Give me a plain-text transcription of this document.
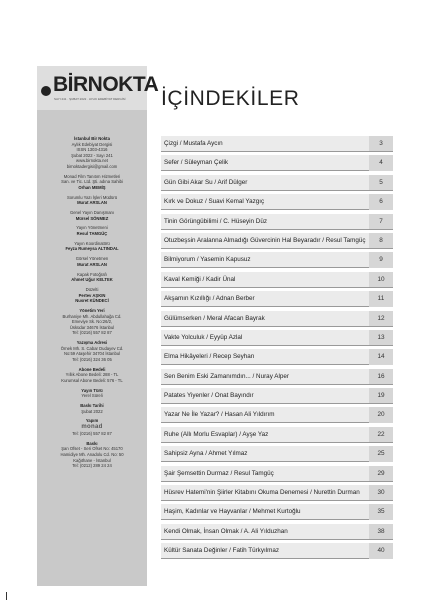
BİRNOKTA
SAYI 241 · ŞUBAT 2022 · AYLIK EDEBİYAT DERGİSİ
İstanbul Bir Nokta
Aylık Edebiyat Dergisi
ISSN 1303-4316
Şubat 2022 - Sayı 241
www.birnokta.net
birnoktadergisi@gmail.com
Monad Film Tanıtım Hizmetleri
San. ve Tic. Ltd. Şti. adına Sahibi
Orhan MEMİŞ
Sorumlu Yazı İşleri Müdürü
Murat ARSLAN
Genel Yayın Danışmanı
Mürsel SÖNMEZ
Yayın Yönetmeni
Resul TAMGÜÇ
Yayın Koordinatörü
Feyza Rumeysa ALTINDAL
Görsel Yönetmen
Murat ARSLAN
Kapak Fotoğrafı
Ahmet Uğur KELTEK
Düzelti
Pertev AŞKIN
Nusret KÜNDECİ
Yönetim Yeri
Burhaniye Mh. Abdullahağa Cd.
Emeviye Sk. No:26/2,
Üsküdar 34676 İstanbul
Tel: (0216) 557 82 87
Yazışma Adresi
Örnek Mh. S. Cabar Dudayev Cd.
No:59 Ataşehir 34704 İstanbul
Tel: (0216) 324 36 05
Abone Bedeli
Yıllık Abone Bedeli: 288 - TL
Kurumsal Abone Bedeli: 576 - TL
Yayın Türü
Yerel Süreli
Baskı Tarihi
Şubat 2022
Yapım
monad
Tel: (0216) 557 82 87
Baskı
Şan Ofset - Seri Ofset No: 45170
Hamidiye Mh. Anadolu Cd. No: 50
Kağıthane - İstanbul
Tel: (0212) 289 24 24
İÇİNDEKİLER
Çizgi / Mustafa Aycın	3
Sefer / Süleyman Çelik	4
Gün Gibi Akar Su / Arif Dülger	5
Kırk ve Dokuz / Suavi Kemal Yazgıç	6
Tinin Görüngübilimi / C. Hüseyin Düz	7
Otuzbeşsin Aralanna Almadığı Güvercinin Hal Beyaradır / Resul Tamgüç	8
Bilmiyorum / Yasemin Kapusuz	9
Kaval Kemiği / Kadir Ünal	10
Akşamın Kızıllığı / Adnan Berber	11
Gülümserken / Meral Afacan Bayrak	12
Vakte Yolculuk / Eyyüp Azlal	13
Elma Hikâyeleri / Recep Seyhan	14
Sen Benim Eski Zamanımdın... / Nuray Alper	16
Patates Yiyenler / Onat Bayındır	19
Yazar Ne İle Yazar? / Hasan Ali Yıldırım	20
Ruhe (Allı Morlu Esvaplar) / Ayşe Yaz	22
Sahipsiz Ayna / Ahmet Yılmaz	25
Şair Şemsettin Durmaz / Resul Tamgüç	29
Hüsrev Hatemi'nin Şiirler Kitabını Okuma Denemesi / Nurettin Durman	30
Haşim, Kadınlar ve Hayvanlar / Mehmet Kurtoğlu	35
Kendi Olmak, İnsan Olmak / A. Ali Yılduzhan	38
Kültür Sanata Değinler / Fatih Türkyılmaz	40
